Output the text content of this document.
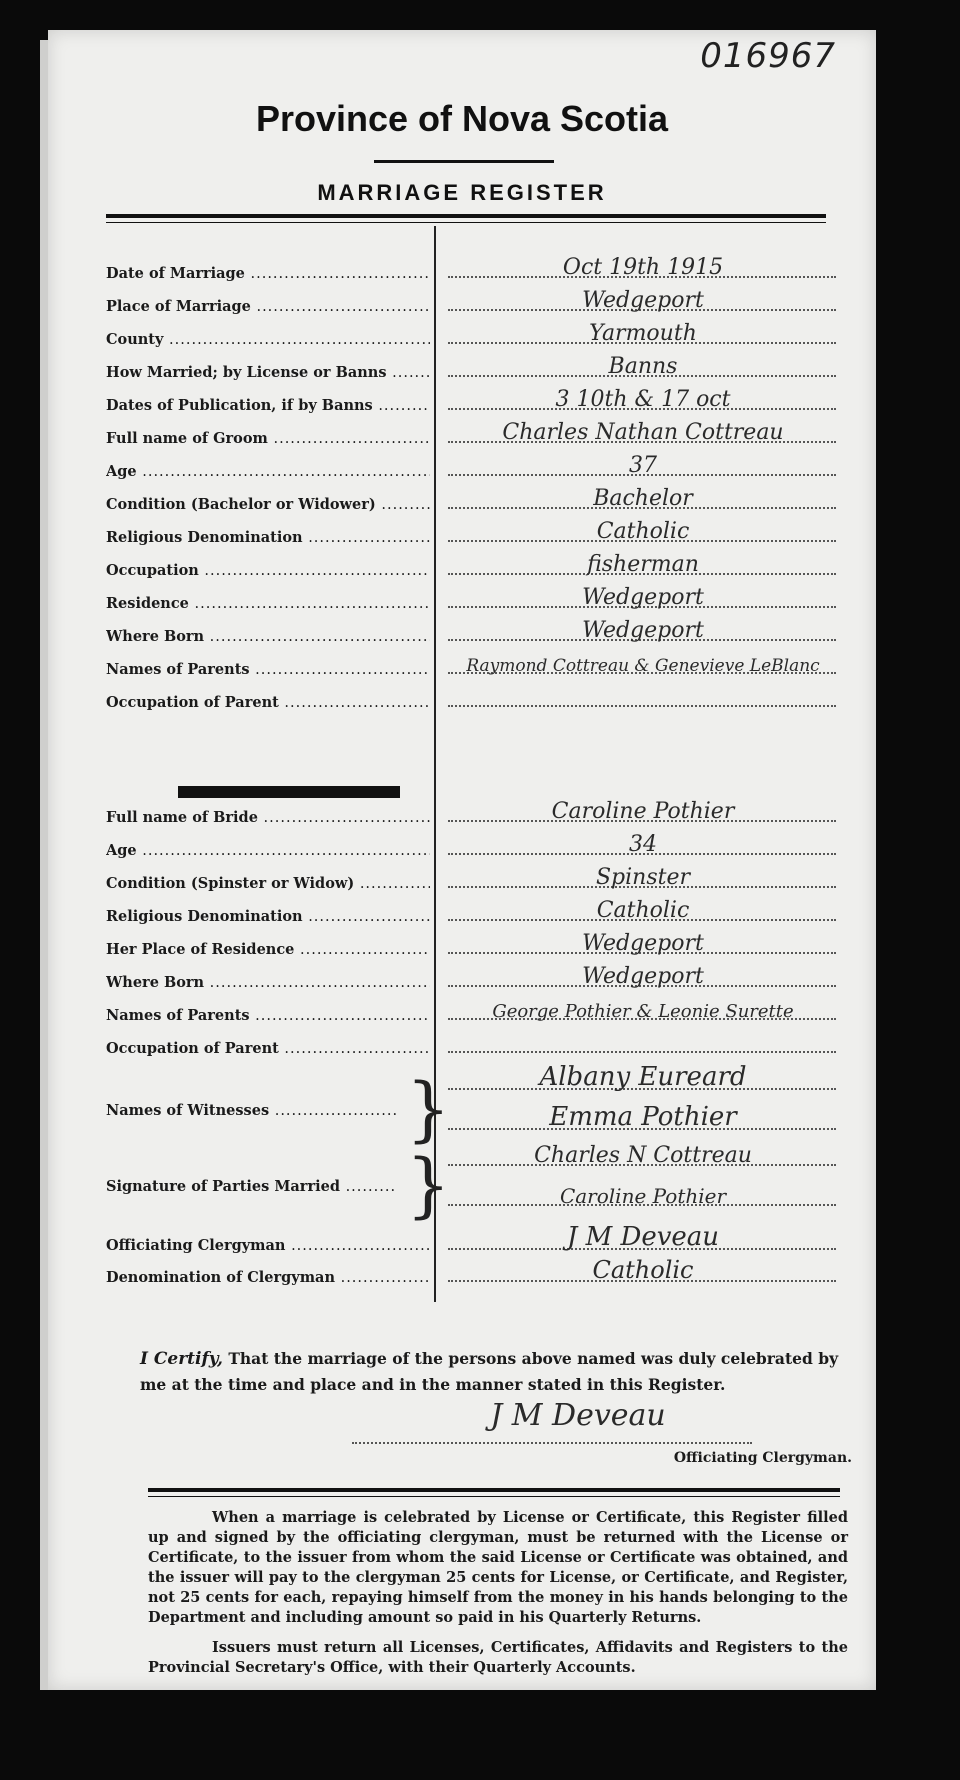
016967
Province of Nova Scotia
MARRIAGE REGISTER
Date of Marriage .....	Oct 19th 1915
Place of Marriage .....	Wedgeport
County .....	Yarmouth
How Married; by License or Banns .....	Banns
Dates of Publication, if by Banns .....	3 10th & 17 oct
Full name of Groom .....	Charles Nathan Cottreau
Age .....	37
Condition (Bachelor or Widower) .....	Bachelor
Religious Denomination .....	Catholic
Occupation .....	fisherman
Residence .....	Wedgeport
Where Born .....	Wedgeport
Names of Parents .....	Raymond Cottreau & Genevieve LeBlanc
Occupation of Parent .....
Full name of Bride .....	Caroline Pothier
Age .....	34
Condition (Spinster or Widow) .....	Spinster
Religious Denomination .....	Catholic
Her Place of Residence .....	Wedgeport
Where Born .....	Wedgeport
Names of Parents .....	George Pothier & Leonie Surette
Occupation of Parent .....
Names of Witnesses .....	}	Albany Eureard
Emma Pothier
Signature of Parties Married ..... }	Charles N Cottreau
Caroline Pothier
Officiating Clergyman .....	J M Deveau
Denomination of Clergyman .....	Catholic
I Certify, That the marriage of the persons above named was duly celebrated by me at the time and place and in the manner stated in this Register.
J M Deveau
Officiating Clergyman.
When a marriage is celebrated by License or Certificate, this Register filled up and signed by the officiating clergyman, must be returned with the License or Certificate, to the issuer from whom the said License or Certificate was obtained, and the issuer will pay to the clergyman 25 cents for License, or Certificate, and Register, not 25 cents for each, repaying himself from the money in his hands belonging to the Department and including amount so paid in his Quarterly Returns.
Issuers must return all Licenses, Certificates, Affidavits and Registers to the Provincial Secretary's Office, with their Quarterly Accounts.
